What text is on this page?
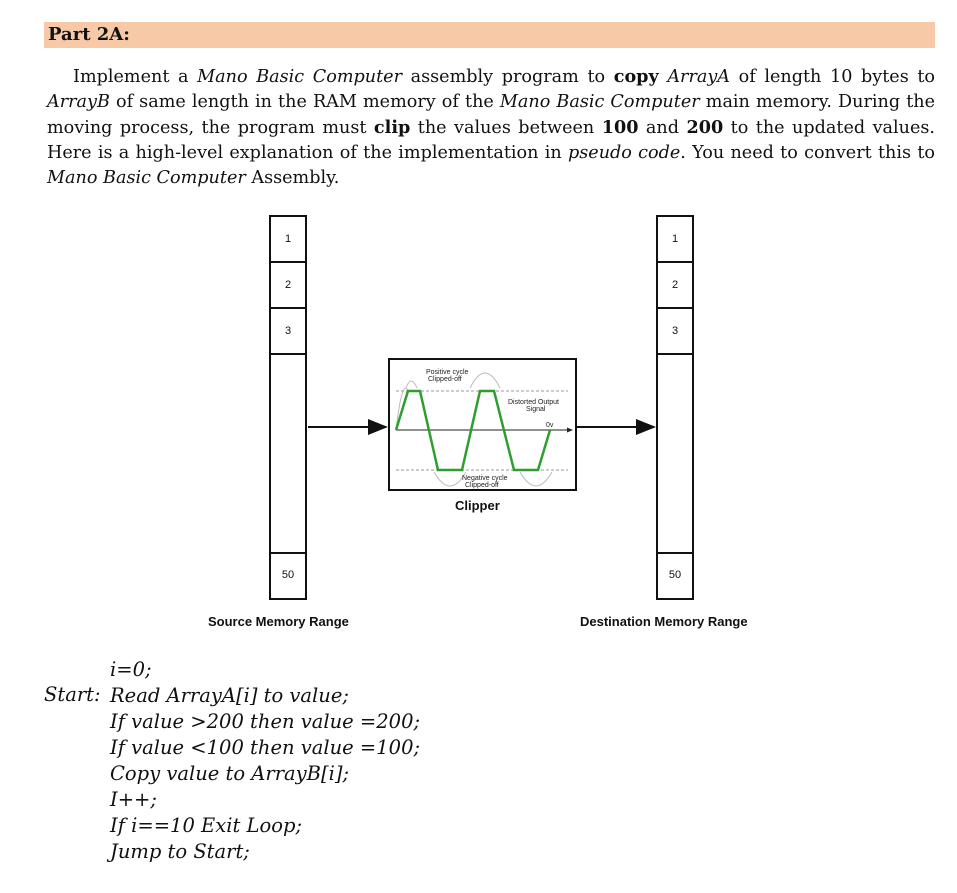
Part 2A:

Implement a Mano Basic Computer assembly program to copy ArrayA of length 10 bytes to ArrayB of same length in the RAM memory of the Mano Basic Computer main memory. During the moving process, the program must clip the values between 100 and 200 to the updated values. Here is a high-level explanation of the implementation in pseudo code. You need to convert this to Mano Basic Computer Assembly.

1
2
3
50
Source Memory Range
1
2
3
50
Destination Memory Range
Positive cycle
Clipped-off
Distorted Output
Signal
0v
Negative cycle
Clipped-off
Clipper
i=0;
Start: Read ArrayA[i] to value;
If value >200 then value =200;
If value <100 then value =100;
Copy value to ArrayB[i];
I++;
If i==10 Exit Loop;
Jump to Start;
